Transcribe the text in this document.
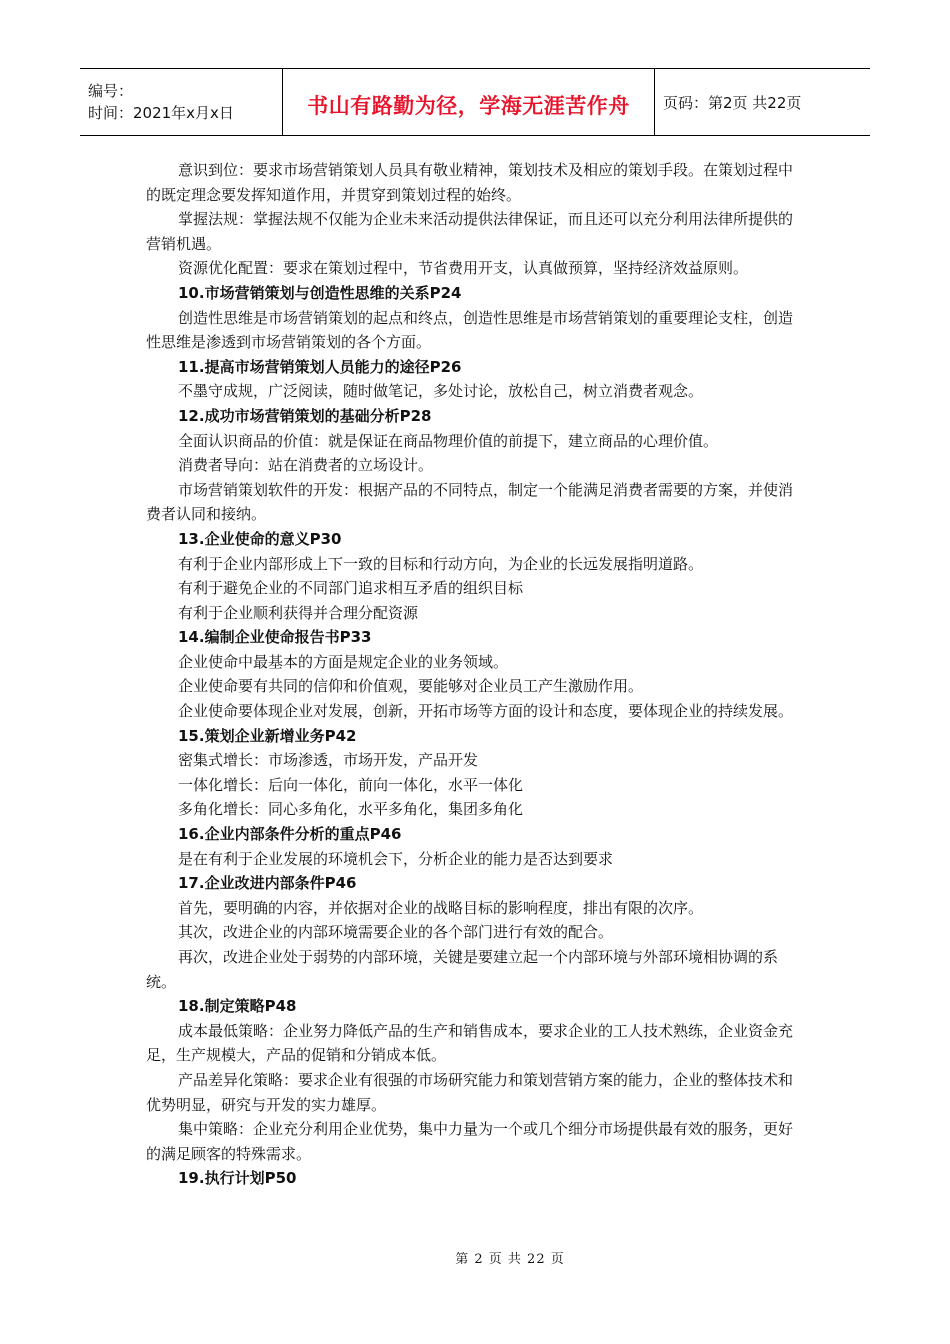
编号：
时间：2021年x月x日	书山有路勤为径，学海无涯苦作舟 页码：第2页 共22页

意识到位：要求市场营销策划人员具有敬业精神，策划技术及相应的策划手段。在策划过程中的既定理念要发挥知道作用，并贯穿到策划过程的始终。

掌握法规：掌握法规不仅能为企业未来活动提供法律保证，而且还可以充分利用法律所提供的营销机遇。

资源优化配置：要求在策划过程中，节省费用开支，认真做预算，坚持经济效益原则。

10.市场营销策划与创造性思维的关系P24

创造性思维是市场营销策划的起点和终点，创造性思维是市场营销策划的重要理论支柱，创造性思维是渗透到市场营销策划的各个方面。

11.提高市场营销策划人员能力的途径P26

不墨守成规，广泛阅读，随时做笔记，多处讨论，放松自己，树立消费者观念。

12.成功市场营销策划的基础分析P28

全面认识商品的价值：就是保证在商品物理价值的前提下，建立商品的心理价值。

消费者导向：站在消费者的立场设计。

市场营销策划软件的开发：根据产品的不同特点，制定一个能满足消费者需要的方案，并使消费者认同和接纳。

13.企业使命的意义P30

有利于企业内部形成上下一致的目标和行动方向，为企业的长远发展指明道路。

有利于避免企业的不同部门追求相互矛盾的组织目标

有利于企业顺利获得并合理分配资源

14.编制企业使命报告书P33

企业使命中最基本的方面是规定企业的业务领域。

企业使命要有共同的信仰和价值观，要能够对企业员工产生激励作用。

企业使命要体现企业对发展，创新，开拓市场等方面的设计和态度，要体现企业的持续发展。

15.策划企业新增业务P42

密集式增长：市场渗透，市场开发，产品开发

一体化增长：后向一体化，前向一体化，水平一体化

多角化增长：同心多角化，水平多角化，集团多角化

16.企业内部条件分析的重点P46

是在有利于企业发展的环境机会下，分析企业的能力是否达到要求

17.企业改进内部条件P46

首先，要明确的内容，并依据对企业的战略目标的影响程度，排出有限的次序。

其次，改进企业的内部环境需要企业的各个部门进行有效的配合。

再次，改进企业处于弱势的内部环境，关键是要建立起一个内部环境与外部环境相协调的系统。

18.制定策略P48

成本最低策略：企业努力降低产品的生产和销售成本，要求企业的工人技术熟练，企业资金充足，生产规模大，产品的促销和分销成本低。

产品差异化策略：要求企业有很强的市场研究能力和策划营销方案的能力，企业的整体技术和优势明显，研究与开发的实力雄厚。

集中策略：企业充分利用企业优势，集中力量为一个或几个细分市场提供最有效的服务，更好的满足顾客的特殊需求。

19.执行计划P50
第 2 页 共 22 页
